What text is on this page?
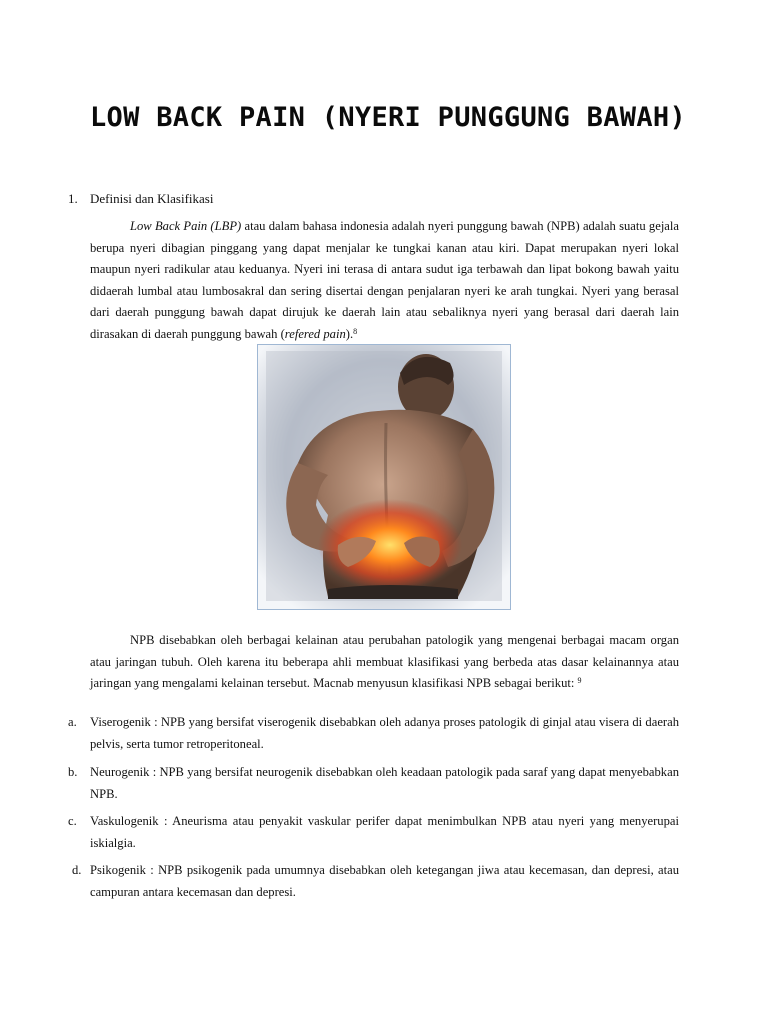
LOW BACK PAIN (NYERI PUNGGUNG BAWAH)
1. Definisi dan Klasifikasi

Low Back Pain (LBP) atau dalam bahasa indonesia adalah nyeri punggung bawah (NPB) adalah suatu gejala berupa nyeri dibagian pinggang yang dapat menjalar ke tungkai kanan atau kiri. Dapat merupakan nyeri lokal maupun nyeri radikular atau keduanya. Nyeri ini terasa di antara sudut iga terbawah dan lipat bokong bawah yaitu didaerah lumbal atau lumbosakral dan sering disertai dengan penjalaran nyeri ke arah tungkai. Nyeri yang berasal dari daerah punggung bawah dapat dirujuk ke daerah lain atau sebaliknya nyeri yang berasal dari daerah lain dirasakan di daerah punggung bawah (refered pain).$^8$

NPB disebabkan oleh berbagai kelainan atau perubahan patologik yang mengenai berbagai macam organ atau jaringan tubuh. Oleh karena itu beberapa ahli membuat klasifikasi yang berbeda atas dasar kelainannya atau jaringan yang mengalami kelainan tersebut. Macnab menyusun klasifikasi NPB sebagai berikut: $^9$

a. Viserogenik : NPB yang bersifat viserogenik disebabkan oleh adanya proses patologik di ginjal atau visera di daerah pelvis, serta tumor retroperitoneal.
b. Neurogenik : NPB yang bersifat neurogenik disebabkan oleh keadaan patologik pada saraf yang dapat menyebabkan NPB.
c. Vaskulogenik : Aneurisma atau penyakit vaskular perifer dapat menimbulkan NPB atau nyeri yang menyerupai iskialgia.
d. Psikogenik : NPB psikogenik pada umumnya disebabkan oleh ketegangan jiwa atau kecemasan, dan depresi, atau campuran antara kecemasan dan depresi.
